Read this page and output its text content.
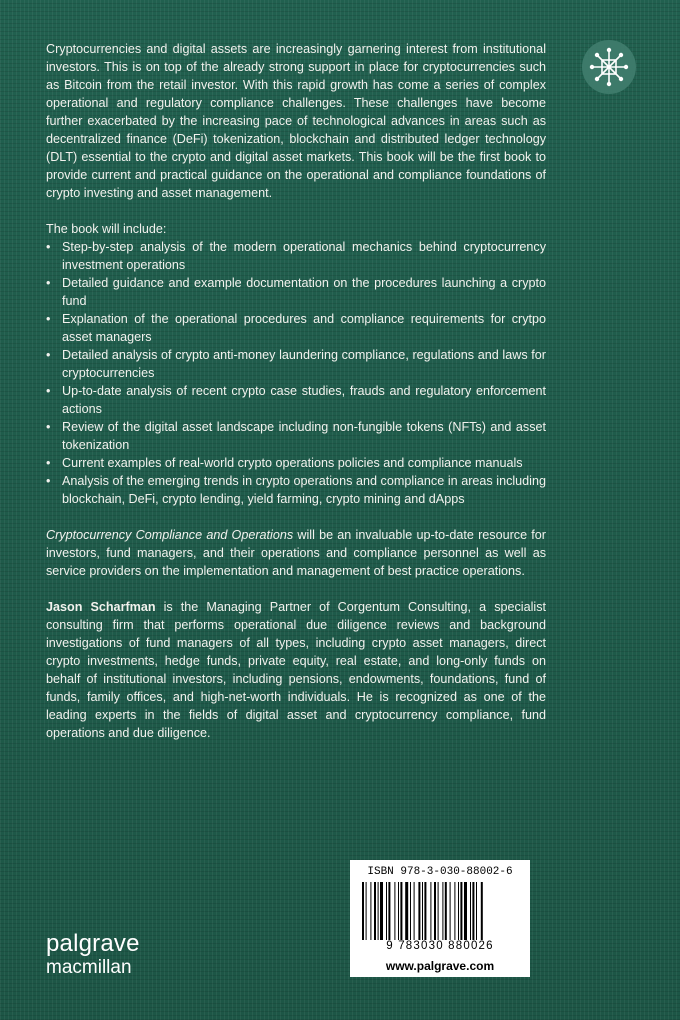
Cryptocurrencies and digital assets are increasingly garnering interest from institutional investors. This is on top of the already strong support in place for cryptocurrencies such as Bitcoin from the retail investor. With this rapid growth has come a series of complex operational and regulatory compliance challenges. These challenges have become further exacerbated by the increasing pace of technological advances in areas such as decentralized finance (DeFi) tokenization, blockchain and distributed ledger technology (DLT) essential to the crypto and digital asset markets. This book will be the first book to provide current and practical guidance on the operational and compliance foundations of crypto investing and asset management.

The book will include:
• Step-by-step analysis of the modern operational mechanics behind cryptocurrency investment operations
• Detailed guidance and example documentation on the procedures launching a crypto fund
• Explanation of the operational procedures and compliance requirements for crytpo asset managers
• Detailed analysis of crypto anti-money laundering compliance, regulations and laws for cryptocurrencies
• Up-to-date analysis of recent crypto case studies, frauds and regulatory enforcement actions
• Review of the digital asset landscape including non-fungible tokens (NFTs) and asset tokenization
• Current examples of real-world crypto operations policies and compliance manuals
• Analysis of the emerging trends in crypto operations and compliance in areas including blockchain, DeFi, crypto lending, yield farming, crypto mining and dApps

Cryptocurrency Compliance and Operations will be an invaluable up-to-date resource for investors, fund managers, and their operations and compliance personnel as well as service providers on the implementation and management of best practice operations.

Jason Scharfman is the Managing Partner of Corgentum Consulting, a specialist consulting firm that performs operational due diligence reviews and background investigations of fund managers of all types, including crypto asset managers, direct crypto investments, hedge funds, private equity, real estate, and long-only funds on behalf of institutional investors, including pensions, endowments, foundations, fund of funds, family offices, and high-net-worth individuals. He is recognized as one of the leading experts in the fields of digital asset and cryptocurrency compliance, fund operations and due diligence.

ISBN 978-3-030-88002-6
9 783030 880026
www.palgrave.com
palgrave
macmillan
